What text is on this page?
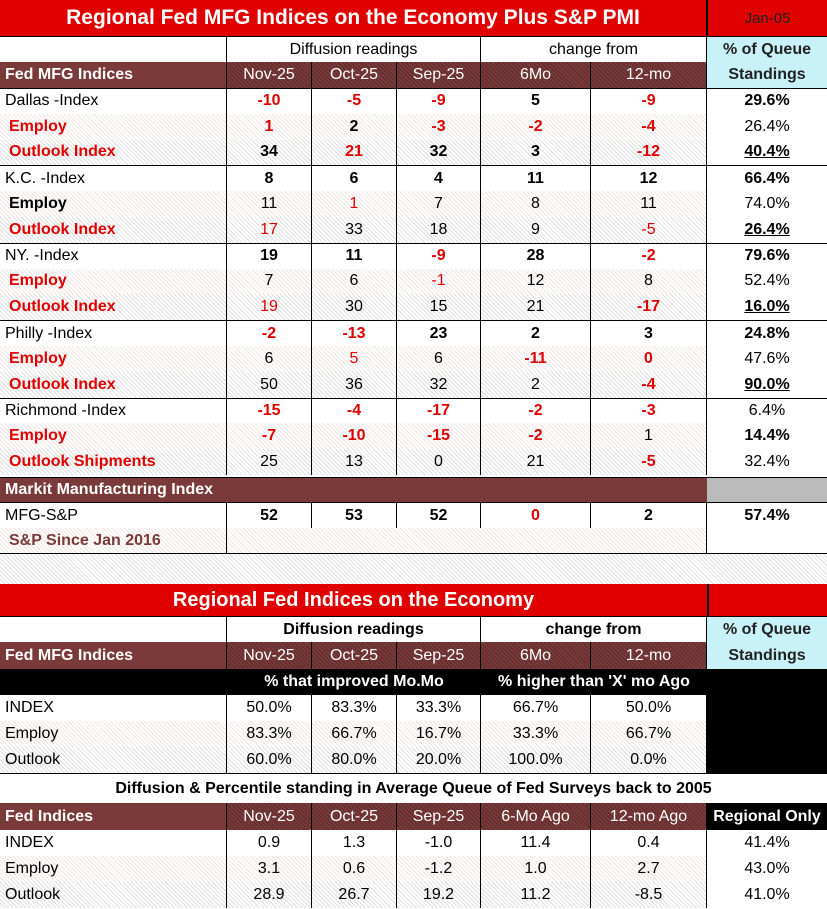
Regional Fed MFG Indices on the Economy Plus S&P PMI	Jan-05
Diffusion readings	change from	% of Queue
Fed MFG Indices	Nov-25	Oct-25	Sep-25	6Mo	12-mo	Standings
Dallas -Index	-10	-5	-9	5	-9	29.6%
Employ	1	2	-3	-2	-4	26.4%
Outlook Index	34	21	32	3	-12	40.4%
K.C. -Index	8	6	4	11	12	66.4%
Employ	11	1	7	8	11	74.0%
Outlook Index	17	33	18	9	-5	26.4%
NY. -Index	19	11	-9	28	-2	79.6%
Employ	7	6	-1	12	8	52.4%
Outlook Index	19	30	15	21	-17	16.0%
Philly -Index	-2	-13	23	2	3	24.8%
Employ	6	5	6	-11	0	47.6%
Outlook Index	50	36	32	2	-4	90.0%
Richmond -Index	-15	-4	-17	-2	-3	6.4%
Employ	-7	-10	-15	-2	1	14.4%
Outlook Shipments	25	13	0	21	-5	32.4%
Markit Manufacturing Index
MFG-S&P	52	53	52	0	2	57.4%
S&P Since Jan 2016
Regional Fed Indices on the Economy
Diffusion readings	change from	% of Queue
Fed MFG Indices	Nov-25	Oct-25	Sep-25	6Mo	12-mo	Standings
% that improved Mo.Mo	% higher than 'X' mo Ago
INDEX	50.0%	83.3%	33.3%	66.7%	50.0%
Employ	83.3%	66.7%	16.7%	33.3%	66.7%
Outlook	60.0%	80.0%	20.0%	100.0%	0.0%
Diffusion & Percentile standing in Average Queue of Fed Surveys back to 2005
Fed Indices	Nov-25	Oct-25	Sep-25	6-Mo Ago	12-mo Ago	Regional Only
INDEX	0.9	1.3	-1.0	11.4	0.4	41.4%
Employ	3.1	0.6	-1.2	1.0	2.7	43.0%
Outlook	28.9	26.7	19.2	11.2	-8.5	41.0%
